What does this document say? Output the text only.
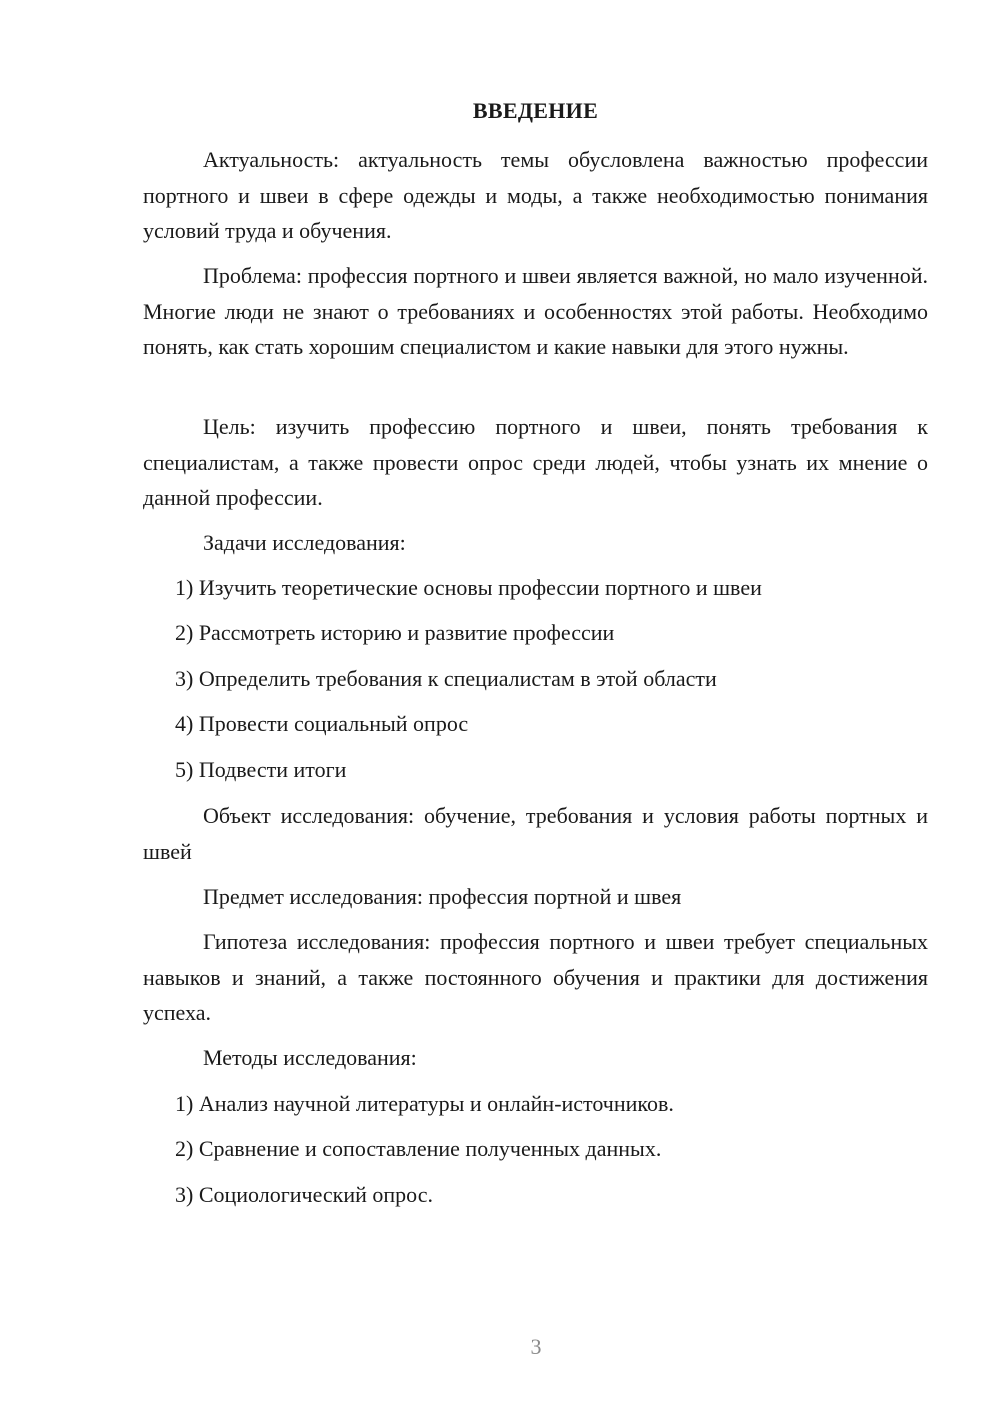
ВВЕДЕНИЕ

Актуальность: актуальность темы обусловлена важностью профессии портного и швеи в сфере одежды и моды, а также необходимостью понимания условий труда и обучения.

Проблема: профессия портного и швеи является важной, но мало изученной. Многие люди не знают о требованиях и особенностях этой работы. Необходимо понять, как стать хорошим специалистом и какие навыки для этого нужны.

Цель: изучить профессию портного и швеи, понять требования к специалистам, а также провести опрос среди людей, чтобы узнать их мнение о данной профессии.

Задачи исследования:

1) Изучить теоретические основы профессии портного и швеи

2) Рассмотреть историю и развитие профессии

3) Определить требования к специалистам в этой области

4) Провести социальный опрос

5) Подвести итоги

Объект исследования: обучение, требования и условия работы портных и швей

Предмет исследования: профессия портной и швея

Гипотеза исследования: профессия портного и швеи требует специальных навыков и знаний, а также постоянного обучения и практики для достижения успеха.

Методы исследования:

1) Анализ научной литературы и онлайн-источников.

2) Сравнение и сопоставление полученных данных.

3) Социологический опрос.

3
